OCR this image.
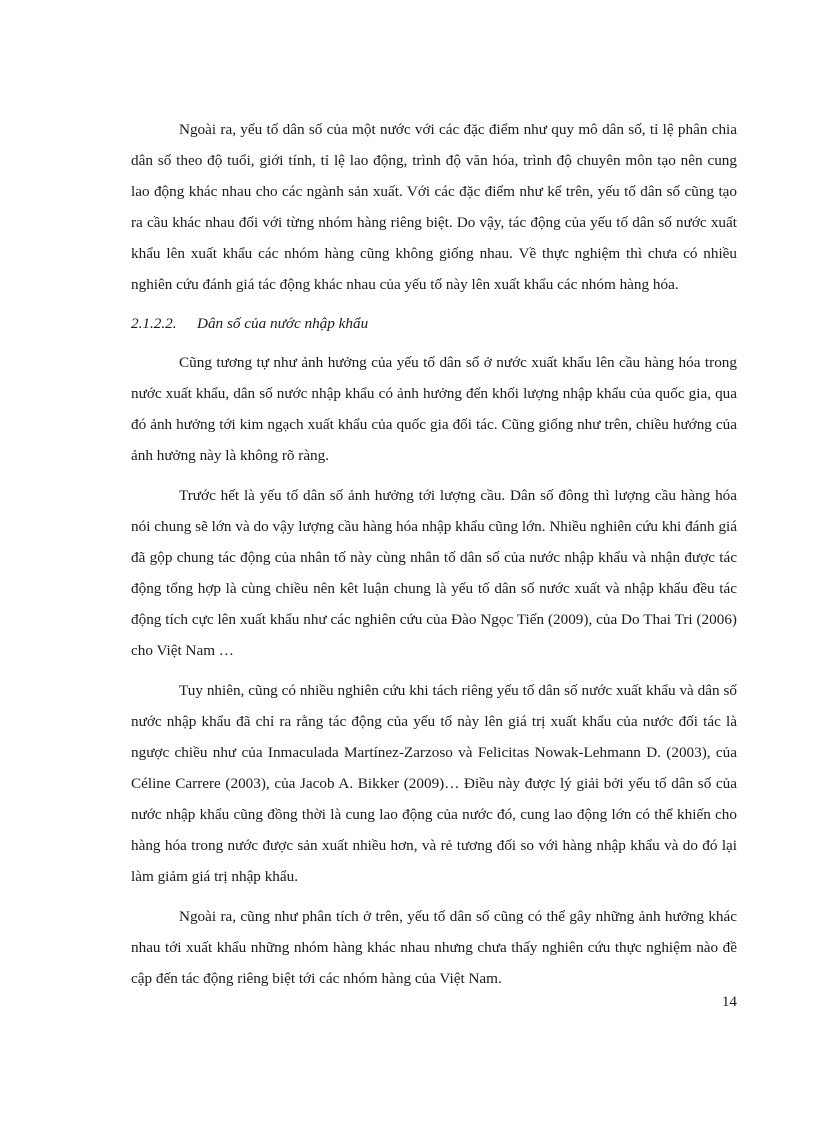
Ngoài ra, yếu tố dân số của một nước với các đặc điểm như quy mô dân số, tỉ lệ phân chia dân số theo độ tuổi, giới tính, tỉ lệ lao động, trình độ văn hóa, trình độ chuyên môn tạo nên cung lao động khác nhau cho các ngành sản xuất. Với các đặc điểm như kể trên, yếu tố dân số cũng tạo ra cầu khác nhau đối với từng nhóm hàng riêng biệt. Do vậy, tác động của yếu tố dân số nước xuất khẩu lên xuất khẩu các nhóm hàng cũng không giống nhau. Về thực nghiệm thì chưa có nhiều nghiên cứu đánh giá tác động khác nhau của yếu tố này lên xuất khẩu các nhóm hàng hóa.

2.1.2.2. Dân số của nước nhập khẩu

Cũng tương tự như ảnh hưởng của yếu tố dân số ở nước xuất khẩu lên cầu hàng hóa trong nước xuất khẩu, dân số nước nhập khẩu có ảnh hưởng đến khối lượng nhập khẩu của quốc gia, qua đó ảnh hưởng tới kim ngạch xuất khẩu của quốc gia đối tác. Cũng giống như trên, chiều hướng của ảnh hưởng này là không rõ ràng.

Trước hết là yếu tố dân số ảnh hưởng tới lượng cầu. Dân số đông thì lượng cầu hàng hóa nói chung sẽ lớn và do vậy lượng cầu hàng hóa nhập khẩu cũng lớn. Nhiều nghiên cứu khi đánh giá đã gộp chung tác động của nhân tố này cùng nhân tố dân số của nước nhập khẩu và nhận được tác động tổng hợp là cùng chiều nên kêt luận chung là yếu tố dân số nước xuất và nhập khẩu đều tác động tích cực lên xuất khẩu như các nghiên cứu của Đào Ngọc Tiến (2009), của Do Thai Tri (2006) cho Việt Nam …

Tuy nhiên, cũng có nhiều nghiên cứu khi tách riêng yếu tố dân số nước xuất khẩu và dân số nước nhập khẩu đã chỉ ra rằng tác động của yếu tố này lên giá trị xuất khẩu của nước đối tác là ngược chiều như của Inmaculada Martínez-Zarzoso và Felicitas Nowak-Lehmann D. (2003), của Céline Carrere (2003), của Jacob A. Bikker (2009)… Điều này được lý giải bởi yếu tố dân số của nước nhập khẩu cũng đồng thời là cung lao động của nước đó, cung lao động lớn có thể khiến cho hàng hóa trong nước được sản xuất nhiều hơn, và rẻ tương đối so với hàng nhập khẩu và do đó lại làm giảm giá trị nhập khẩu.

Ngoài ra, cũng như phân tích ở trên, yếu tố dân số cũng có thể gây những ảnh hưởng khác nhau tới xuất khẩu những nhóm hàng khác nhau nhưng chưa thấy nghiên cứu thực nghiệm nào đề cập đến tác động riêng biệt tới các nhóm hàng của Việt Nam.

14
